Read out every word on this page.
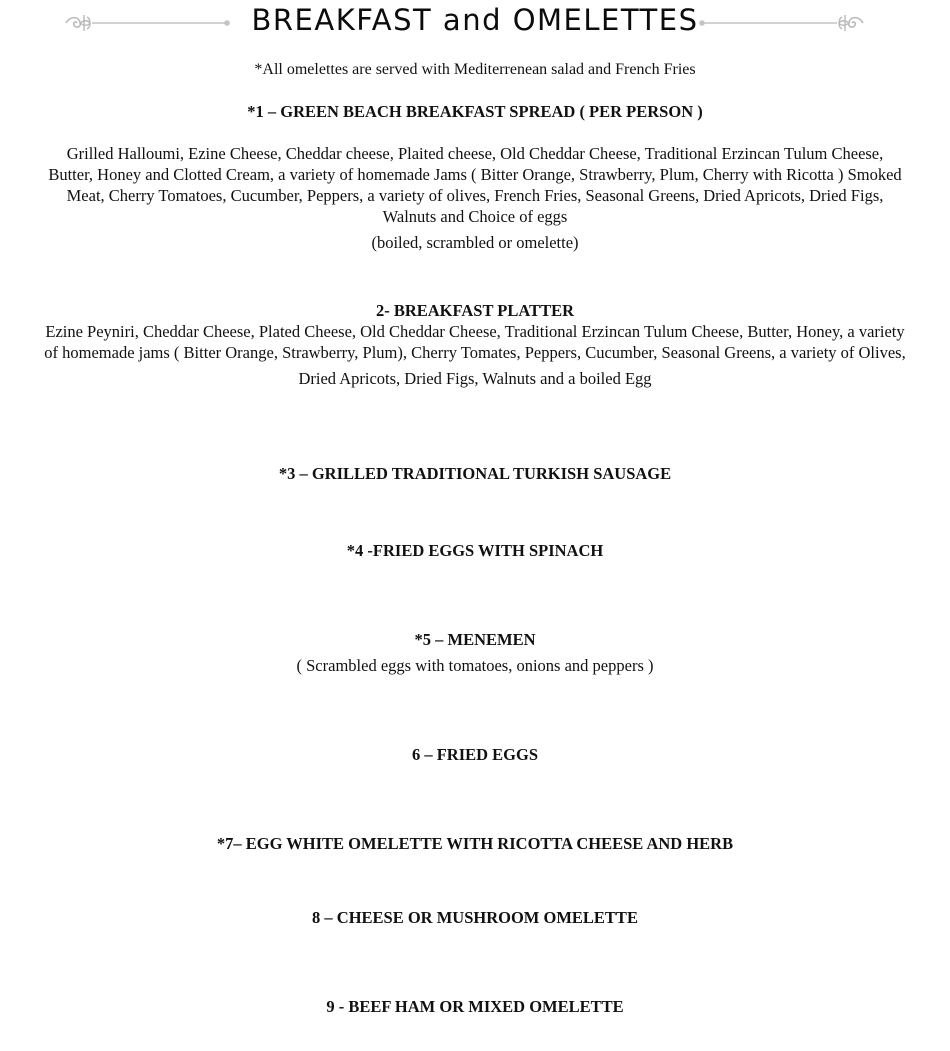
BREAKFAST and OMELETTES
*All omelettes are served with Mediterrenean salad and French Fries
*1 – GREEN BEACH BREAKFAST SPREAD ( PER PERSON )
Grilled Halloumi, Ezine Cheese, Cheddar cheese, Plaited cheese, Old Cheddar Cheese, Traditional Erzincan Tulum Cheese,
Butter, Honey and Clotted Cream, a variety of homemade Jams ( Bitter Orange, Strawberry, Plum, Cherry with Ricotta ) Smoked
Meat, Cherry Tomatoes, Cucumber, Peppers, a variety of olives, French Fries, Seasonal Greens, Dried Apricots, Dried Figs,
Walnuts and Choice of eggs
(boiled, scrambled or omelette)
2- BREAKFAST PLATTER
Ezine Peyniri, Cheddar Cheese, Plated Cheese, Old Cheddar Cheese, Traditional Erzincan Tulum Cheese, Butter, Honey, a variety
of homemade jams ( Bitter Orange, Strawberry, Plum), Cherry Tomates, Peppers, Cucumber, Seasonal Greens, a variety of Olives,
Dried Apricots, Dried Figs, Walnuts and a boiled Egg
*3 – GRILLED TRADITIONAL TURKISH SAUSAGE
*4 -FRIED EGGS WITH SPINACH
*5 – MENEMEN
( Scrambled eggs with tomatoes, onions and peppers )
6 – FRIED EGGS
*7– EGG WHITE OMELETTE WITH RICOTTA CHEESE AND HERB
8 – CHEESE OR MUSHROOM OMELETTE
9 - BEEF HAM OR MIXED OMELETTE
